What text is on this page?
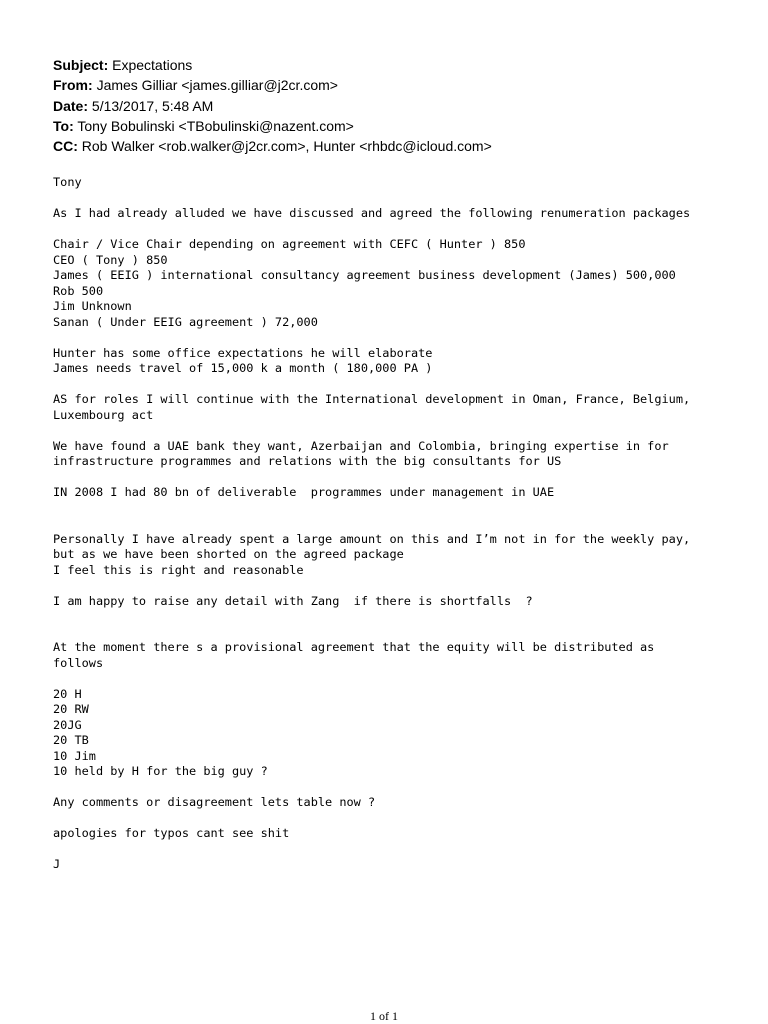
Subject: Expectations
From: James Gilliar <james.gilliar@j2cr.com>
Date: 5/13/2017, 5:48 AM
To: Tony Bobulinski <TBobulinski@nazent.com>
CC: Rob Walker <rob.walker@j2cr.com>, Hunter <rhbdc@icloud.com>
Tony
As I had already alluded we have discussed and agreed the following renumeration packages
Chair / Vice Chair depending on agreement with CEFC ( Hunter ) 850
CEO ( Tony ) 850
James ( EEIG ) international consultancy agreement business development (James) 500,000
Rob 500
Jim Unknown
Sanan ( Under EEIG agreement ) 72,000
Hunter has some office expectations he will elaborate
James needs travel of 15,000 k a month ( 180,000 PA )
AS for roles I will continue with the International development in Oman, France, Belgium,
Luxembourg act
We have found a UAE bank they want, Azerbaijan and Colombia, bringing expertise in for
infrastructure programmes and relations with the big consultants for US
IN 2008 I had 80 bn of deliverable  programmes under management in UAE
Personally I have already spent a large amount on this and I’m not in for the weekly pay,
but as we have been shorted on the agreed package
I feel this is right and reasonable
I am happy to raise any detail with Zang  if there is shortfalls  ?
At the moment there s a provisional agreement that the equity will be distributed as
follows
20 H
20 RW
20JG
20 TB
10 Jim
10 held by H for the big guy ?
Any comments or disagreement lets table now ?
apologies for typos cant see shit
J
1 of 1
